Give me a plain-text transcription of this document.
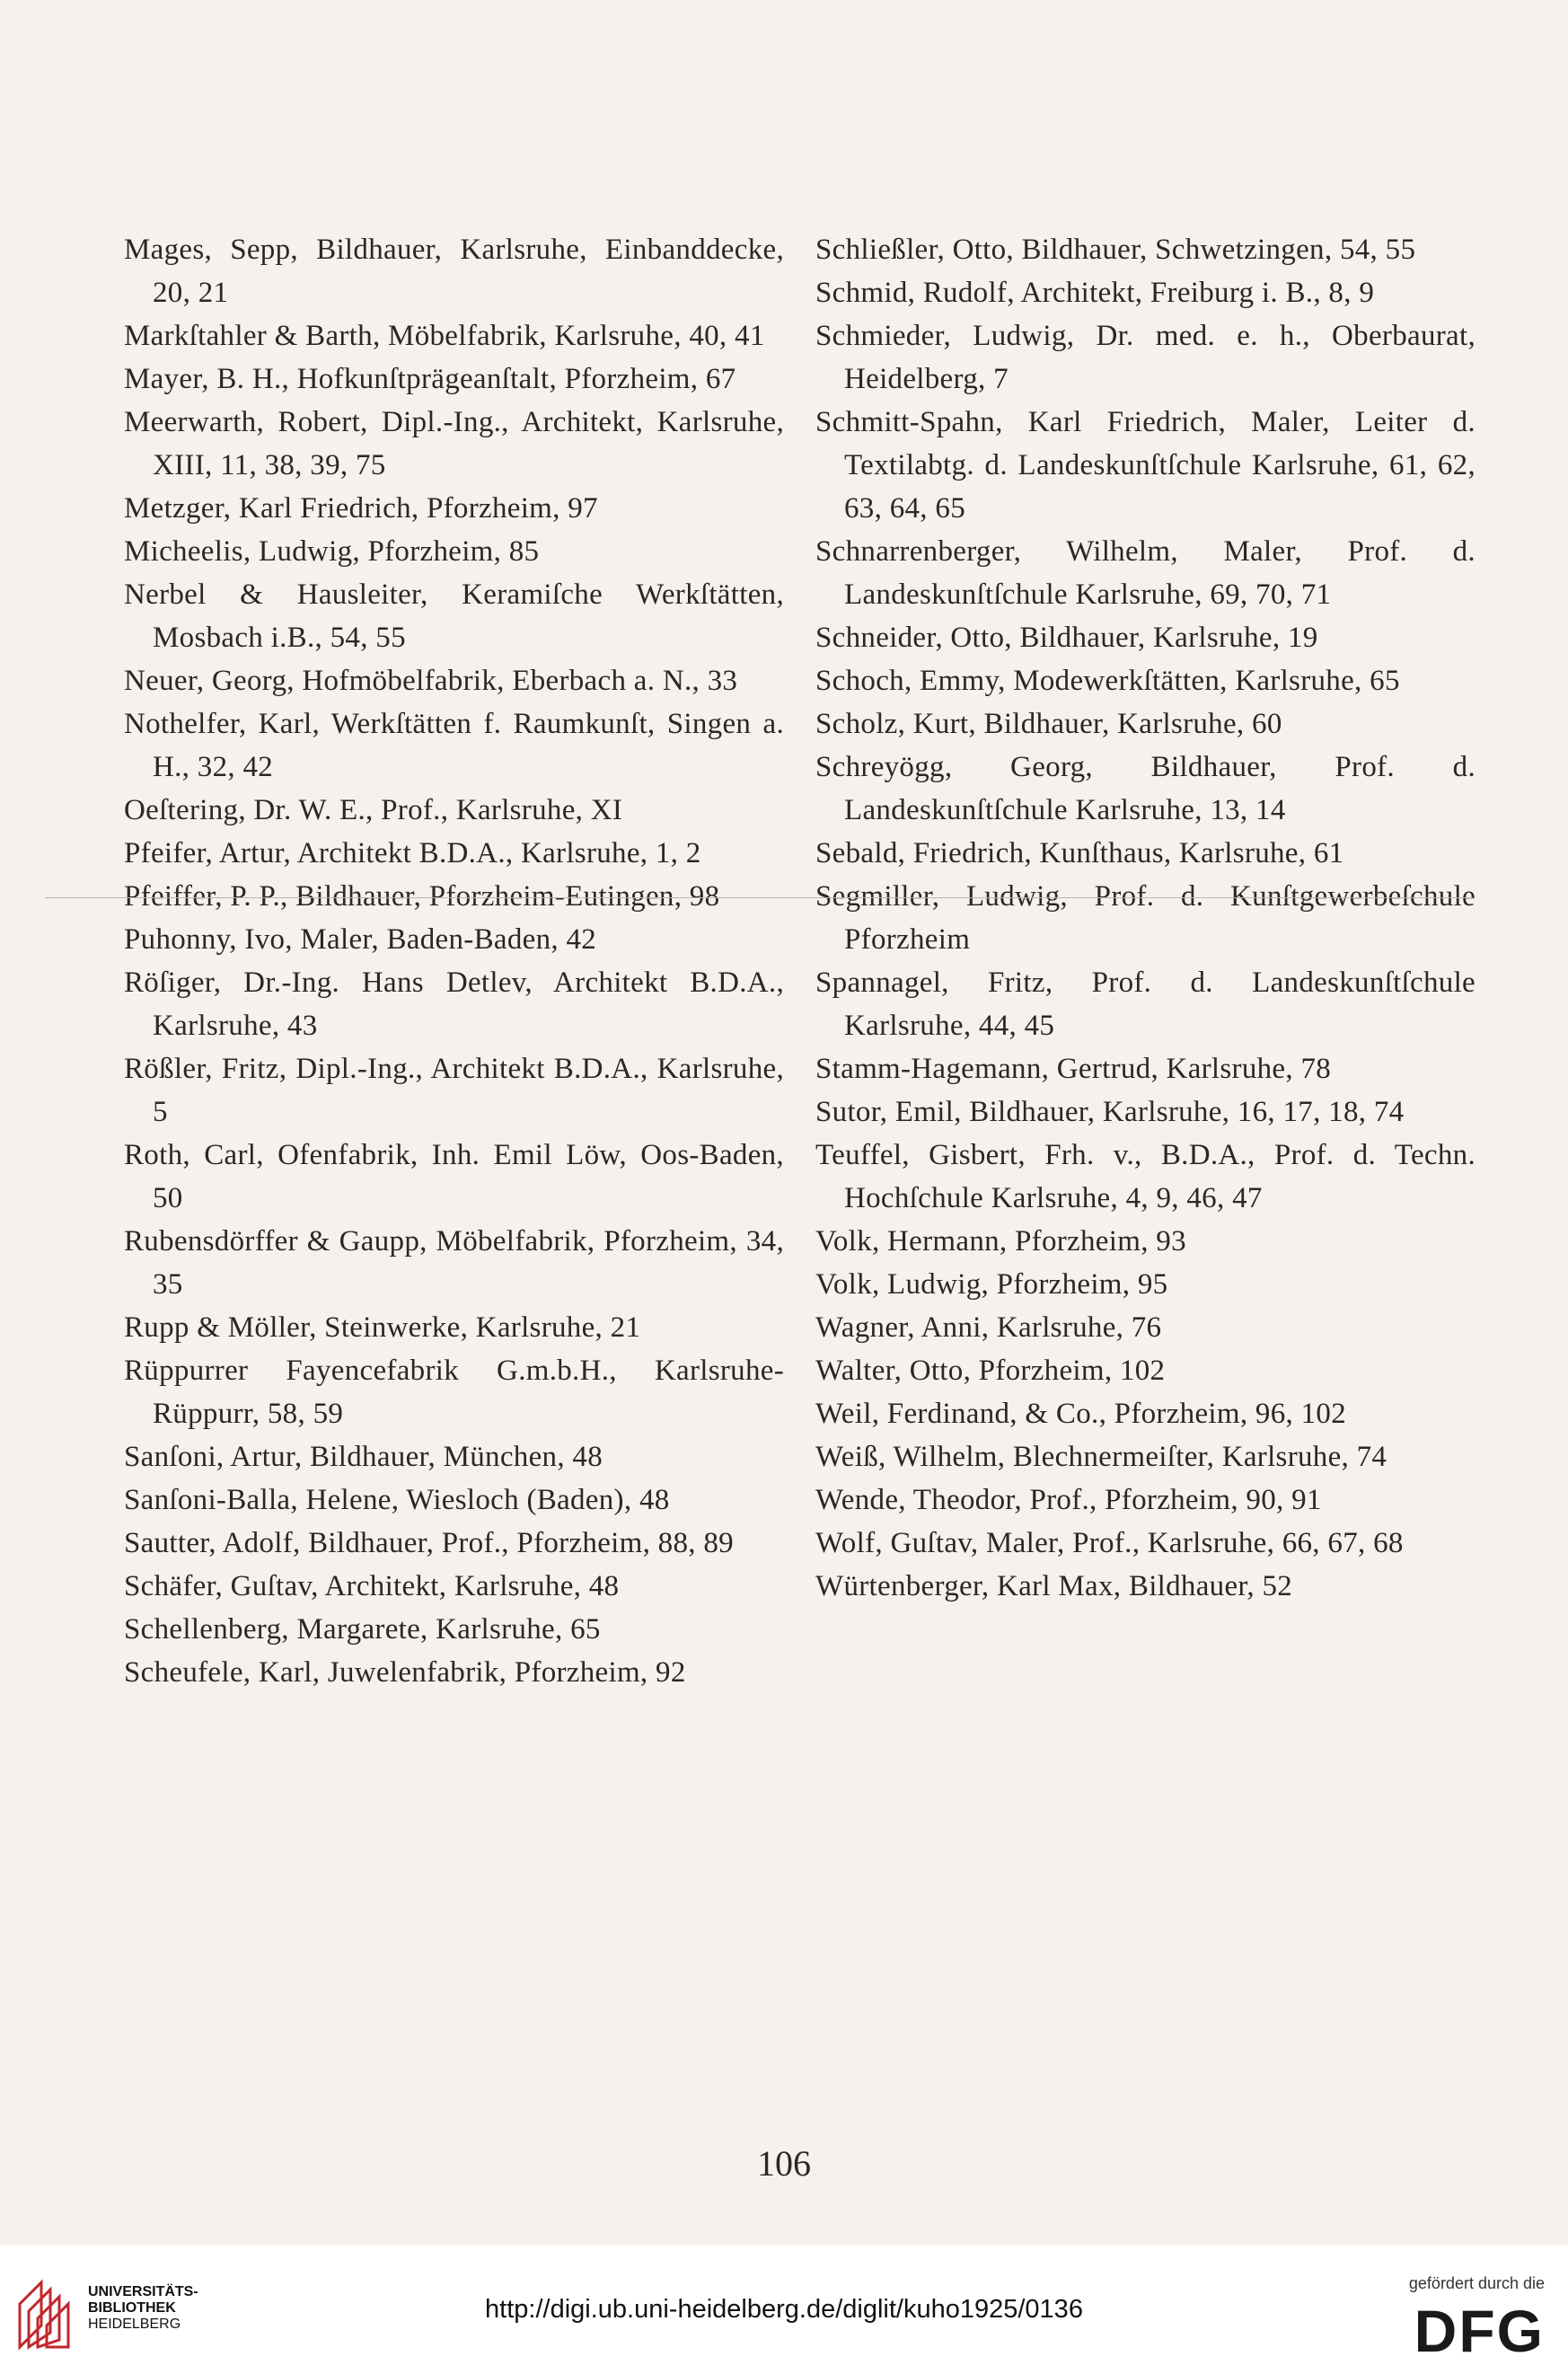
Mages, Sepp, Bildhauer, Karlsruhe, Einbanddecke, 20, 21

Markſtahler & Barth, Möbelfabrik, Karlsruhe, 40, 41

Mayer, B. H., Hofkunſtprägeanſtalt, Pforzheim, 67

Meerwarth, Robert, Dipl.-Ing., Architekt, Karlsruhe, XIII, 11, 38, 39, 75

Metzger, Karl Friedrich, Pforzheim, 97

Micheelis, Ludwig, Pforzheim, 85

Nerbel & Hausleiter, Keramiſche Werkſtätten, Mosbach i.B., 54, 55

Neuer, Georg, Hofmöbelfabrik, Eberbach a. N., 33

Nothelfer, Karl, Werkſtätten f. Raumkunſt, Singen a. H., 32, 42

Oeſtering, Dr. W. E., Prof., Karlsruhe, XI

Pfeifer, Artur, Architekt B.D.A., Karlsruhe, 1, 2

Pfeiffer, P. P., Bildhauer, Pforzheim-Eutingen, 98

Puhonny, Ivo, Maler, Baden-Baden, 42

Röſiger, Dr.-Ing. Hans Detlev, Architekt B.D.A., Karlsruhe, 43

Rößler, Fritz, Dipl.-Ing., Architekt B.D.A., Karlsruhe, 5

Roth, Carl, Ofenfabrik, Inh. Emil Löw, Oos-Baden, 50

Rubensdörffer & Gaupp, Möbelfabrik, Pforzheim, 34, 35

Rupp & Möller, Steinwerke, Karlsruhe, 21

Rüppurrer Fayencefabrik G.m.b.H., Karlsruhe-Rüppurr, 58, 59

Sanſoni, Artur, Bildhauer, München, 48

Sanſoni-Balla, Helene, Wiesloch (Baden), 48

Sautter, Adolf, Bildhauer, Prof., Pforzheim, 88, 89

Schäfer, Guſtav, Architekt, Karlsruhe, 48

Schellenberg, Margarete, Karlsruhe, 65

Scheufele, Karl, Juwelenfabrik, Pforzheim, 92

Schließler, Otto, Bildhauer, Schwetzingen, 54, 55

Schmid, Rudolf, Architekt, Freiburg i. B., 8, 9

Schmieder, Ludwig, Dr. med. e. h., Oberbaurat, Heidelberg, 7

Schmitt-Spahn, Karl Friedrich, Maler, Leiter d. Textilabtg. d. Landeskunſtſchule Karlsruhe, 61, 62, 63, 64, 65

Schnarrenberger, Wilhelm, Maler, Prof. d. Landeskunſtſchule Karlsruhe, 69, 70, 71

Schneider, Otto, Bildhauer, Karlsruhe, 19

Schoch, Emmy, Modewerkſtätten, Karlsruhe, 65

Scholz, Kurt, Bildhauer, Karlsruhe, 60

Schreyögg, Georg, Bildhauer, Prof. d. Landeskunſtſchule Karlsruhe, 13, 14

Sebald, Friedrich, Kunſthaus, Karlsruhe, 61

Segmiller, Ludwig, Prof. d. Kunſtgewerbeſchule Pforzheim

Spannagel, Fritz, Prof. d. Landeskunſtſchule Karlsruhe, 44, 45

Stamm-Hagemann, Gertrud, Karlsruhe, 78

Sutor, Emil, Bildhauer, Karlsruhe, 16, 17, 18, 74

Teuffel, Gisbert, Frh. v., B.D.A., Prof. d. Techn. Hochſchule Karlsruhe, 4, 9, 46, 47

Volk, Hermann, Pforzheim, 93

Volk, Ludwig, Pforzheim, 95

Wagner, Anni, Karlsruhe, 76

Walter, Otto, Pforzheim, 102

Weil, Ferdinand, & Co., Pforzheim, 96, 102

Weiß, Wilhelm, Blechnermeiſter, Karlsruhe, 74

Wende, Theodor, Prof., Pforzheim, 90, 91

Wolf, Guſtav, Maler, Prof., Karlsruhe, 66, 67, 68

Würtenberger, Karl Max, Bildhauer, 52

106
UNIVERSITÄTS-
BIBLIOTHEK
HEIDELBERG
http://digi.ub.uni-heidelberg.de/diglit/kuho1925/0136
gefördert durch die
DFG
